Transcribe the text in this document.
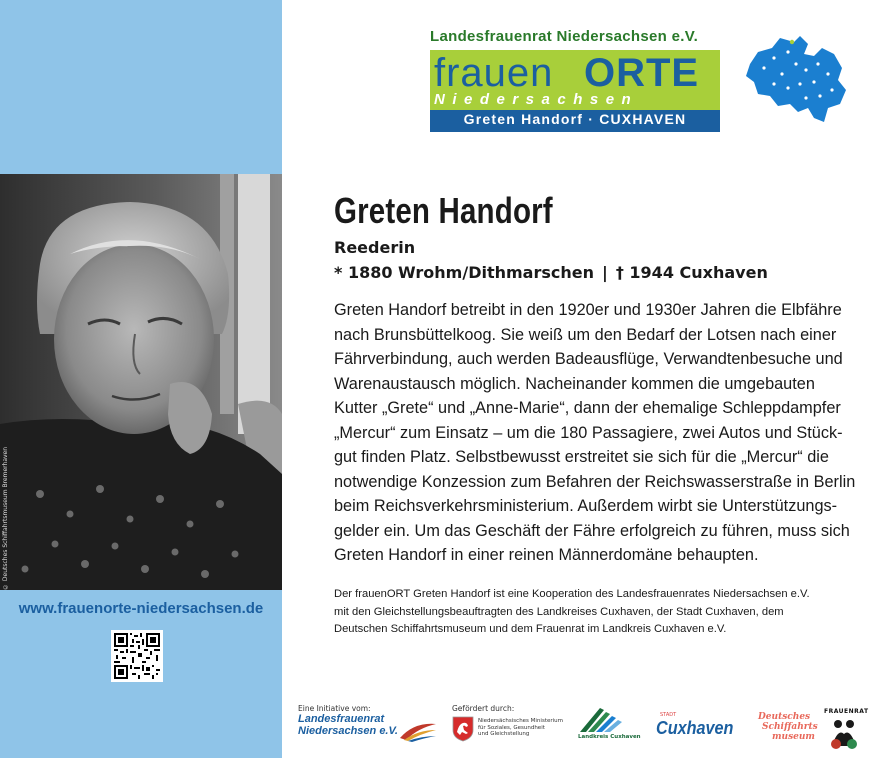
© Deutsches Schiffahrtsmuseum Bremerhaven
www.frauenorte-niedersachsen.de
Landesfrauenrat Niedersachsen e.V.
frauen ORTE
Niedersachsen
Greten Handorf · CUXHAVEN
Greten Handorf
Reederin
* 1880 Wrohm/Dithmarschen | † 1944 Cuxhaven
Greten Handorf betreibt in den 1920er und 1930er Jahren die Elbfähre
nach Brunsbüttelkoog. Sie weiß um den Bedarf der Lotsen nach einer
Fährverbindung, auch werden Badeausflüge, Verwandtenbesuche und
Warenaustausch möglich. Nacheinander kommen die umgebauten
Kutter „Grete“ und „Anne-Marie“, dann der ehemalige Schleppdampfer
„Mercur“ zum Einsatz – um die 180 Passagiere, zwei Autos und Stück-
gut finden Platz. Selbstbewusst erstreitet sie sich für die „Mercur“ die
notwendige Konzession zum Befahren der Reichswasserstraße in Berlin
beim Reichsverkehrsministerium. Außerdem wirbt sie Unterstützungs-
gelder ein. Um das Geschäft der Fähre erfolgreich zu führen, muss sich
Greten Handorf in einer reinen Männerdomäne behaupten.
Der frauenORT Greten Handorf ist eine Kooperation des Landesfrauenrates Niedersachsen e.V.
mit den Gleichstellungsbeauftragten des Landkreises Cuxhaven, der Stadt Cuxhaven, dem
Deutschen Schiffahrtsmuseum und dem Frauenrat im Landkreis Cuxhaven e.V.
Eine Initiative vom:
Landesfrauenrat
Niedersachsen e.V.
Gefördert durch:
Niedersächsisches Ministerium
für Soziales, Gesundheit
und Gleichstellung	Landkreis Cuxhaven
STADT
Cuxhaven
Deutsches
Schiffahrts
museum
FRAUENRAT
